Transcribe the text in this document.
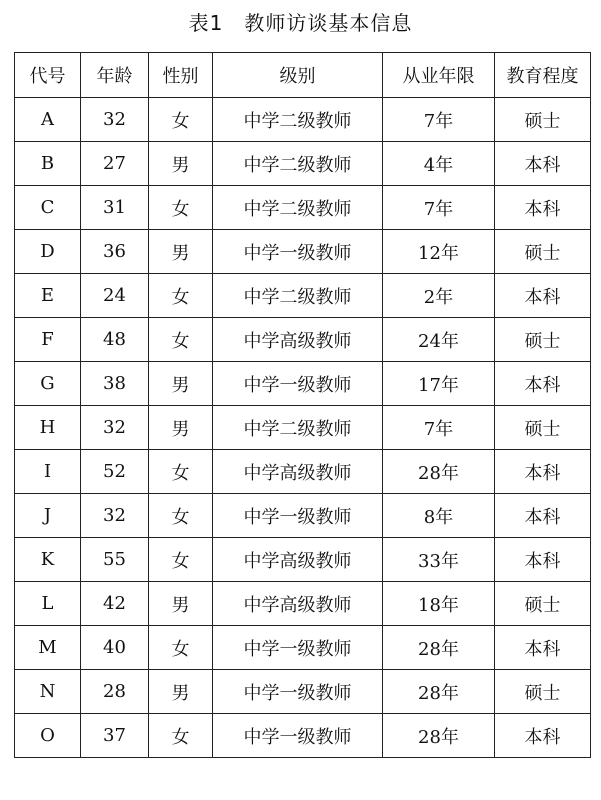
表1　教师访谈基本信息
代号	年龄	性别	级别	从业年限	教育程度
A	32	女	中学二级教师	7年	硕士
B	27	男	中学二级教师	4年	本科
C	31	女	中学二级教师	7年	本科
D	36	男	中学一级教师	12年	硕士
E	24	女	中学二级教师	2年	本科
F	48	女	中学高级教师	24年	硕士
G	38	男	中学一级教师	17年	本科
H	32	男	中学二级教师	7年	硕士
I	52	女	中学高级教师	28年	本科
J	32	女	中学一级教师	8年	本科
K	55	女	中学高级教师	33年	本科
L	42	男	中学高级教师	18年	硕士
M	40	女	中学一级教师	28年	本科
N	28	男	中学一级教师	28年	硕士
O	37	女	中学一级教师	28年	本科
